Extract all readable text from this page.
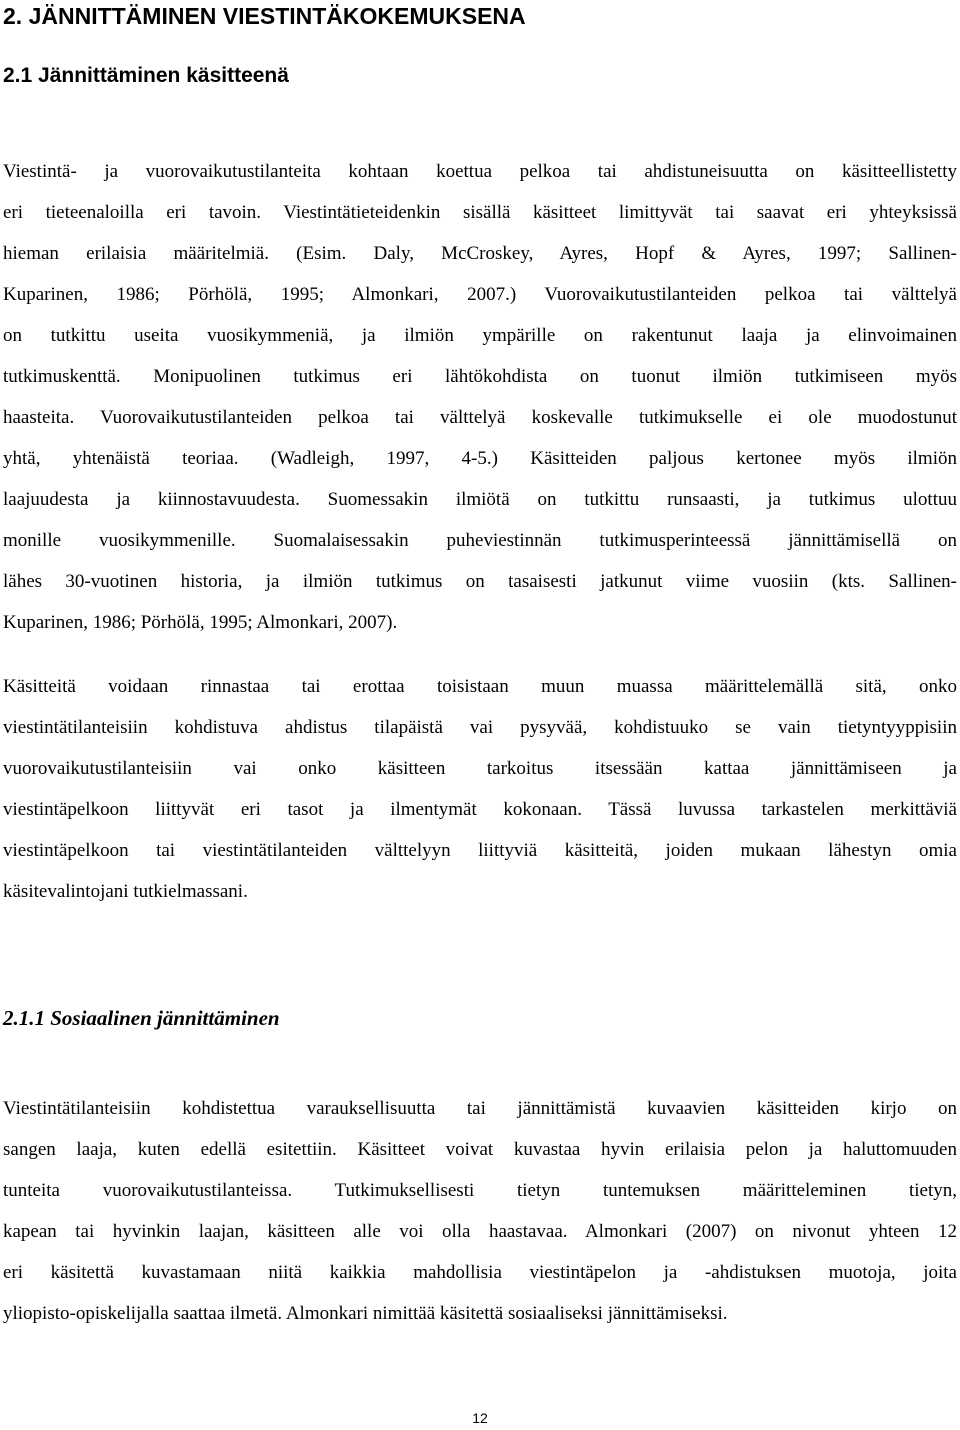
2. JÄNNITTÄMINEN VIESTINTÄKOKEMUKSENA
2.1 Jännittäminen käsitteenä
Viestintä- ja vuorovaikutustilanteita kohtaan koettua pelkoa tai ahdistuneisuutta on käsitteellistetty
eri tieteenaloilla eri tavoin. Viestintätieteidenkin sisällä käsitteet limittyvät tai saavat eri yhteyksissä
hieman erilaisia määritelmiä. (Esim. Daly, McCroskey, Ayres, Hopf & Ayres, 1997; Sallinen-
Kuparinen, 1986; Pörhölä, 1995; Almonkari, 2007.) Vuorovaikutustilanteiden pelkoa tai välttelyä
on tutkittu useita vuosikymmeniä, ja ilmiön ympärille on rakentunut laaja ja elinvoimainen
tutkimuskenttä. Monipuolinen tutkimus eri lähtökohdista on tuonut ilmiön tutkimiseen myös
haasteita. Vuorovaikutustilanteiden pelkoa tai välttelyä koskevalle tutkimukselle ei ole muodostunut
yhtä, yhtenäistä teoriaa. (Wadleigh, 1997, 4-5.) Käsitteiden paljous kertonee myös ilmiön
laajuudesta ja kiinnostavuudesta. Suomessakin ilmiötä on tutkittu runsaasti, ja tutkimus ulottuu
monille vuosikymmenille. Suomalaisessakin puheviestinnän tutkimusperinteessä jännittämisellä on
lähes 30-vuotinen historia, ja ilmiön tutkimus on tasaisesti jatkunut viime vuosiin (kts. Sallinen-
Kuparinen, 1986; Pörhölä, 1995; Almonkari, 2007).
Käsitteitä voidaan rinnastaa tai erottaa toisistaan muun muassa määrittelemällä sitä, onko
viestintätilanteisiin kohdistuva ahdistus tilapäistä vai pysyvää, kohdistuuko se vain tietyntyyppisiin
vuorovaikutustilanteisiin vai onko käsitteen tarkoitus itsessään kattaa jännittämiseen ja
viestintäpelkoon liittyvät eri tasot ja ilmentymät kokonaan. Tässä luvussa tarkastelen merkittäviä
viestintäpelkoon tai viestintätilanteiden välttelyyn liittyviä käsitteitä, joiden mukaan lähestyn omia
käsitevalintojani tutkielmassani.
2.1.1 Sosiaalinen jännittäminen
Viestintätilanteisiin kohdistettua varauksellisuutta tai jännittämistä kuvaavien käsitteiden kirjo on
sangen laaja, kuten edellä esitettiin. Käsitteet voivat kuvastaa hyvin erilaisia pelon ja haluttomuuden
tunteita vuorovaikutustilanteissa. Tutkimuksellisesti tietyn tuntemuksen määritteleminen tietyn,
kapean tai hyvinkin laajan, käsitteen alle voi olla haastavaa. Almonkari (2007) on nivonut yhteen 12
eri käsitettä kuvastamaan niitä kaikkia mahdollisia viestintäpelon ja -ahdistuksen muotoja, joita
yliopisto-opiskelijalla saattaa ilmetä. Almonkari nimittää käsitettä sosiaaliseksi jännittämiseksi.
12
